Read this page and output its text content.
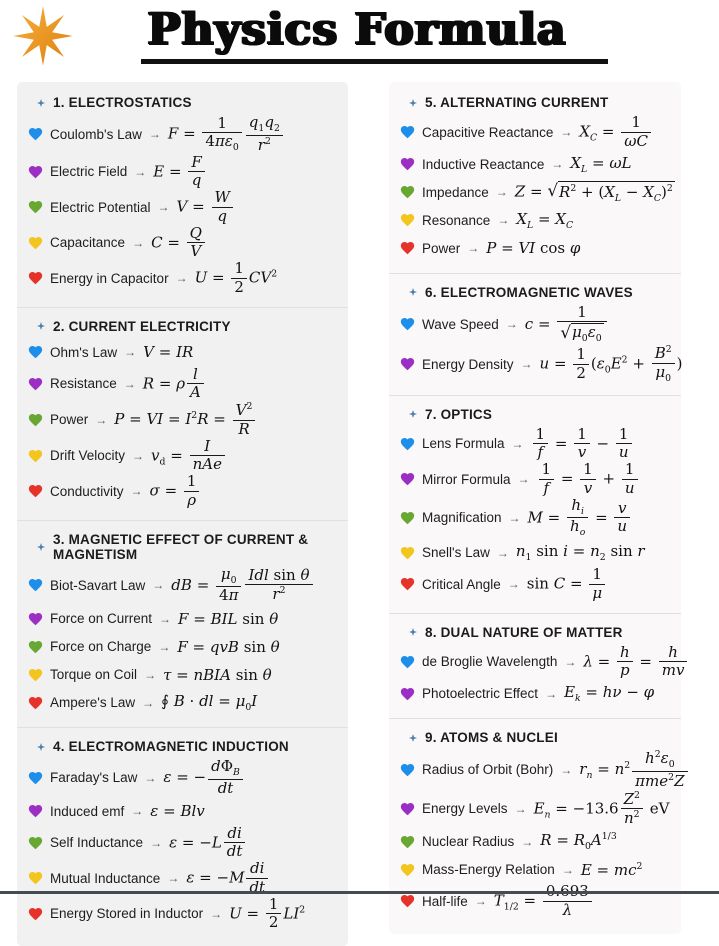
Physics Formula
1. ELECTROSTATICS
Coulomb's Law → $F = \frac{1}{4\pi\varepsilon_0} \frac{q_1q_2}{r^2}$
Electric Field → $E = \frac{F}{q}$
Electric Potential → $V = \frac{W}{q}$
Capacitance → $C = \frac{Q}{V}$
Energy in Capacitor → $U = \frac{1}{2} CV^2$
2. CURRENT ELECTRICITY
Ohm's Law → V = IR
Resistance → R = ρ $\frac{l}{A}$
Power → P = VI = $I^2R = \frac{V^2}{R}$
Drift Velocity → $v_d$ =
I
nAe
Conductivity → $\sigma = \frac{1}{\rho}$
3. MAGNETIC EFFECT OF CURRENT & MAGNETISM
Biot-Savart Law → dB = $\frac{\mu_0}{4\pi}$ Idl sin θ
$r^2$
Force on Current → F = BIL sin θ
Force on Charge → F = qvB sin θ
Torque on Coil → τ = nBIA sin θ
Ampere's Law → ∮ B · dl = $\mu_0I$
4. ELECTROMAGNETIC INDUCTION
Faraday's Law → ε = −
$d\Phi_B$
dt
Induced emf → ε = Blv
Self Inductance → $\varepsilon = -L \frac{di}{dt}$
Mutual Inductance → $\varepsilon = -M \frac{di}{dt}$
Energy Stored in Inductor → $U = \frac{1}{2} LI^2$
5. ALTERNATING CURRENT
Capacitive Reactance → $X_C = \frac{1}{\omega C}$
Inductive Reactance → $X_L = \omega L$
Impedance → Z = √ $R^2 + (X_L - X_C)^2$
Resonance → $X_L = X_C$
Power → P = VI cos φ
6. ELECTROMAGNETIC WAVES
Wave Speed → $c = \frac{1}{√ \mu_0\varepsilon_0}$
Energy Density → $u = \frac{1}{2} (\varepsilon_0E^2 + \frac{B^2}{\mu_0}$ )
7. OPTICS
Lens Formula → $\frac{1}{f} = \frac{1}{v} - \frac{1}{u}$
Mirror Formula → $\frac{1}{f} = \frac{1}{v} + \frac{1}{u}$
Magnification → $M = \frac{h_i}{h_o} = \frac{v}{u}$
Snell's Law → $n_1$ $\sin i = n_2$ sin r
Critical Angle → $\sin C = \frac{1}{\mu}$
8. DUAL NATURE OF MATTER
de Broglie Wavelength → $\lambda = \frac{h}{p} = \frac{h}{mv}$
Photoelectric Effect → $E_k = h\nu - \varphi$
9. ATOMS & NUCLEI
Radius of Orbit (Bohr) → $r_n = n^2$ $h^2\varepsilon_0$
πme$^2$Z
Energy Levels → $E_n = -13.6 \frac{Z^2}{n^2}$ eV
Nuclear Radius → $R = R_0A^{1/3}$
Mass-Energy Relation → $E = mc^2$
Half-life → $T_{1/2} = \frac{0.693}{\lambda}$
